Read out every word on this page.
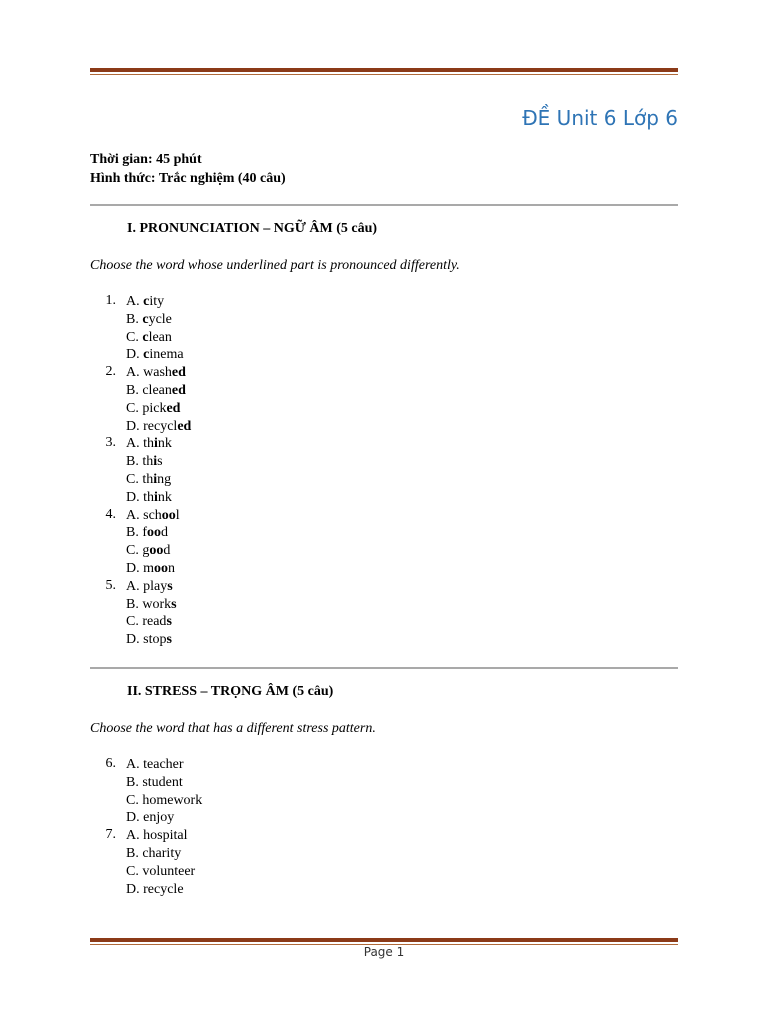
ĐỀ Unit 6 Lớp 6
Thời gian: 45 phút
Hình thức: Trắc nghiệm (40 câu)
I. PRONUNCIATION – NGỮ ÂM (5 câu)
Choose the word whose underlined part is pronounced differently.
1. A. city
B. cycle
C. clean
D. cinema
2. A. washed
B. cleaned
C. picked
D. recycled
3. A. think
B. this
C. thing
D. think
4. A. school
B. food
C. good
D. moon
5. A. plays
B. works
C. reads
D. stops
II. STRESS – TRỌNG ÂM (5 câu)
Choose the word that has a different stress pattern.
6. A. teacher
B. student
C. homework
D. enjoy
7. A. hospital
B. charity
C. volunteer
D. recycle
Page 1
